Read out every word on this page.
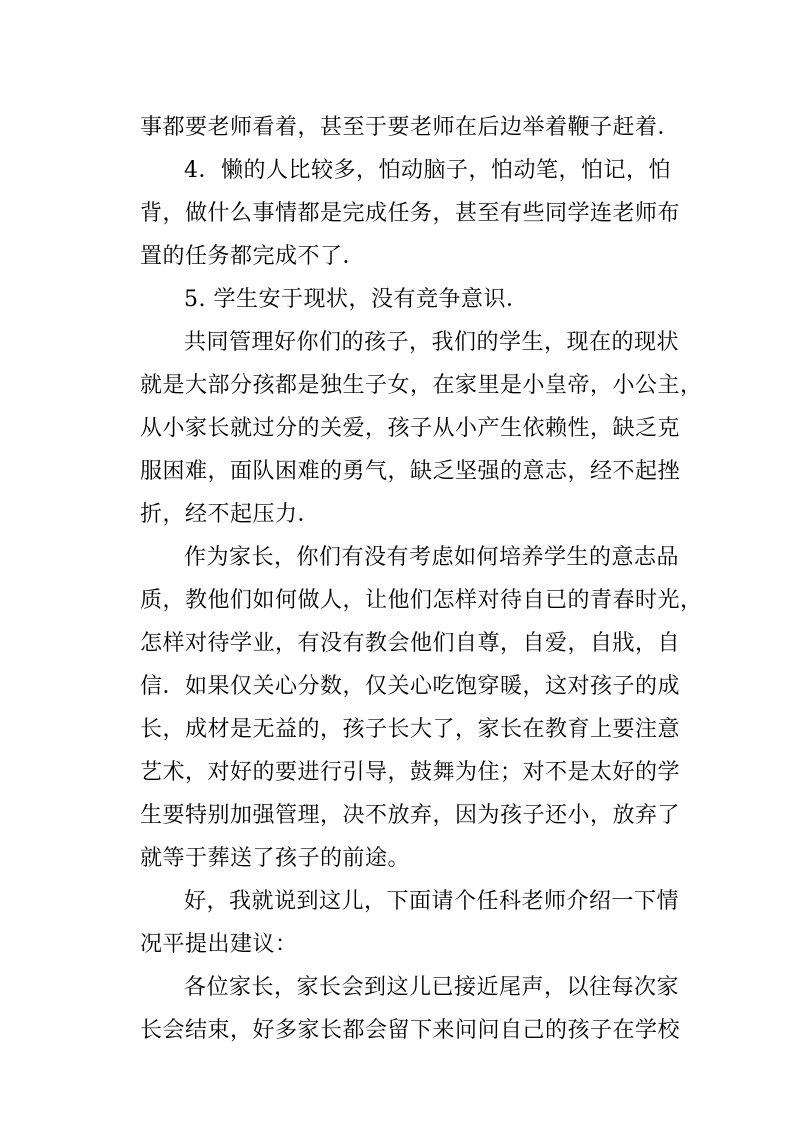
事都要老师看着，甚至于要老师在后边举着鞭子赶着．
4．懒的人比较多，怕动脑子，怕动笔，怕记，怕
背，做什么事情都是完成任务，甚至有些同学连老师布
置的任务都完成不了．
5. 学生安于现状，没有竞争意识．
共同管理好你们的孩子，我们的学生，现在的现状
就是大部分孩都是独生子女，在家里是小皇帝，小公主，
从小家长就过分的关爱，孩子从小产生依赖性，缺乏克
服困难，面队困难的勇气，缺乏坚强的意志，经不起挫
折，经不起压力．
作为家长，你们有没有考虑如何培养学生的意志品
质，教他们如何做人，让他们怎样对待自已的青春时光，
怎样对待学业，有没有教会他们自尊，自爱，自戕，自
信．如果仅关心分数，仅关心吃饱穿暖，这对孩子的成
长，成材是无益的，孩子长大了，家长在教育上要注意
艺术，对好的要进行引导，鼓舞为住；对不是太好的学
生要特别加强管理，决不放弃，因为孩子还小，放弃了
就等于葬送了孩子的前途。
好，我就说到这儿，下面请个任科老师介绍一下情
况平提出建议：
各位家长，家长会到这儿已接近尾声，以往每次家
长会结束，好多家长都会留下来问问自己的孩子在学校
